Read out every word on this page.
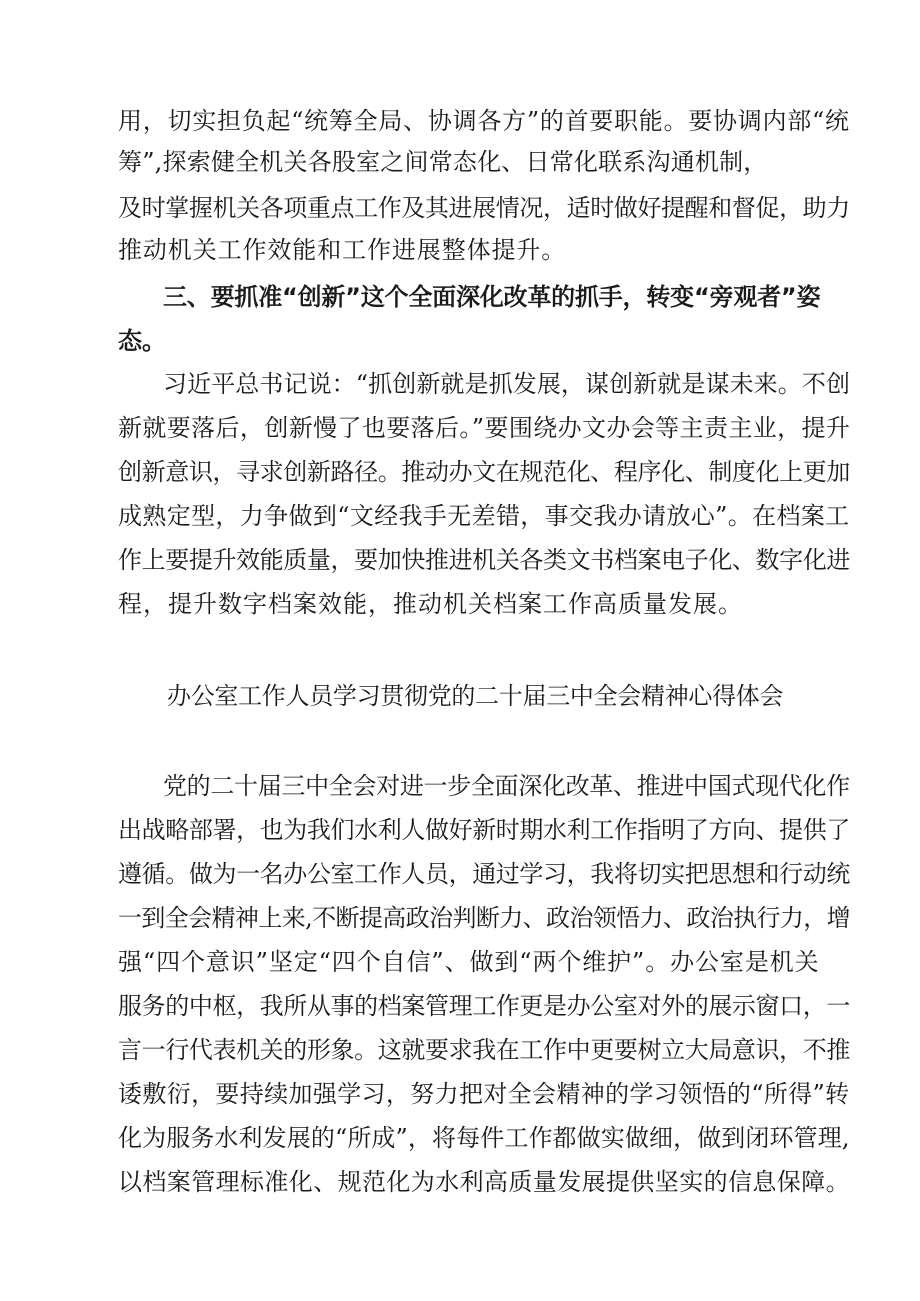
用，切实担负起“统筹全局、协调各方”的首要职能。要协调内部“统
筹”,探索健全机关各股室之间常态化、日常化联系沟通机制，
及时掌握机关各项重点工作及其进展情况，适时做好提醒和督促，助力
推动机关工作效能和工作进展整体提升。
三、要抓准“创新”这个全面深化改革的抓手，转变“旁观者”姿
态。
习近平总书记说：“抓创新就是抓发展，谋创新就是谋未来。不创
新就要落后，创新慢了也要落后。”要围绕办文办会等主责主业，提升
创新意识，寻求创新路径。推动办文在规范化、程序化、制度化上更加
成熟定型，力争做到“文经我手无差错，事交我办请放心”。在档案工
作上要提升效能质量，要加快推进机关各类文书档案电子化、数字化进
程，提升数字档案效能，推动机关档案工作高质量发展。
办公室工作人员学习贯彻党的二十届三中全会精神心得体会
党的二十届三中全会对进一步全面深化改革、推进中国式现代化作
出战略部署，也为我们水利人做好新时期水利工作指明了方向、提供了
遵循。做为一名办公室工作人员，通过学习，我将切实把思想和行动统
一到全会精神上来,不断提高政治判断力、政治领悟力、政治执行力，增
强“四个意识”坚定“四个自信”、做到“两个维护”。办公室是机关
服务的中枢，我所从事的档案管理工作更是办公室对外的展示窗口，一
言一行代表机关的形象。这就要求我在工作中更要树立大局意识，不推
诿敷衍，要持续加强学习，努力把对全会精神的学习领悟的“所得”转
化为服务水利发展的“所成”，将每件工作都做实做细，做到闭环管理,
以档案管理标准化、规范化为水利高质量发展提供坚实的信息保障。
